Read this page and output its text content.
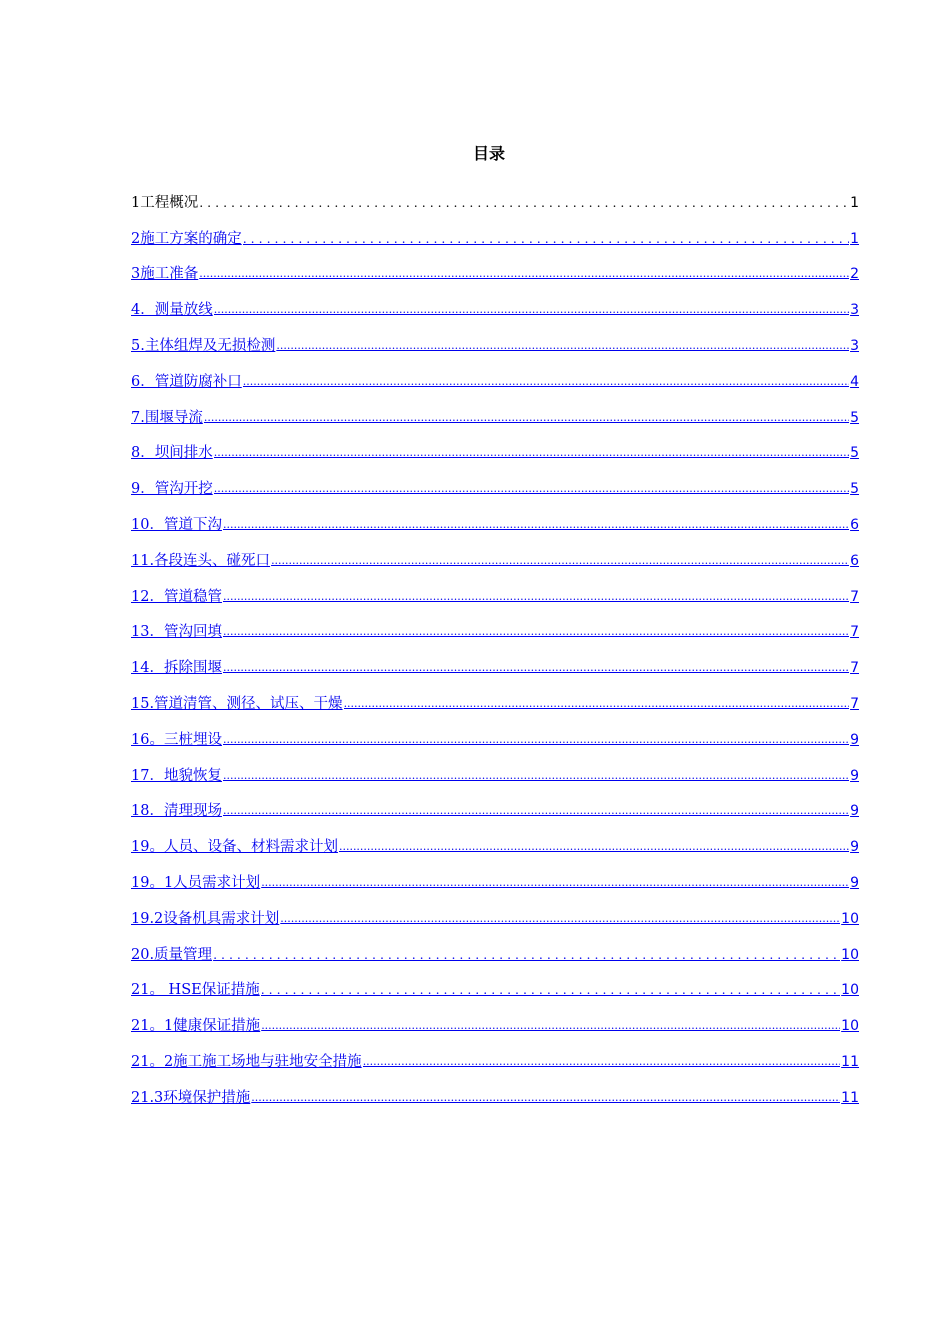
目录
1工程概况 . . .	1
2施工方案的确定 . . .	1
3施工准备 .....	2
4．测量放线 .....	3
5.主体组焊及无损检测 .....	3
6．管道防腐补口 .....	4
7.围堰导流 .....	5
8．坝间排水 .....	5
9．管沟开挖 .....	5
10．管道下沟 .....	6
11.各段连头、碰死口 .....	6
12．管道稳管 .....	7
13．管沟回填 .....	7
14．拆除围堰 .....	7
15.管道清管、测径、试压、干燥 .....	7
16。三桩埋设 .....	9
17．地貌恢复 .....	9
18．清理现场 .....	9
19。人员、设备、材料需求计划 .....	9
19。1人员需求计划 .....	9
19.2设备机具需求计划 .....	10
20.质量管理 . . .	10
21。 HSE保证措施 . . .	10
21。1健康保证措施 .....	10
21。2施工施工场地与驻地安全措施 .....	11
21.3环境保护措施 .....	11
